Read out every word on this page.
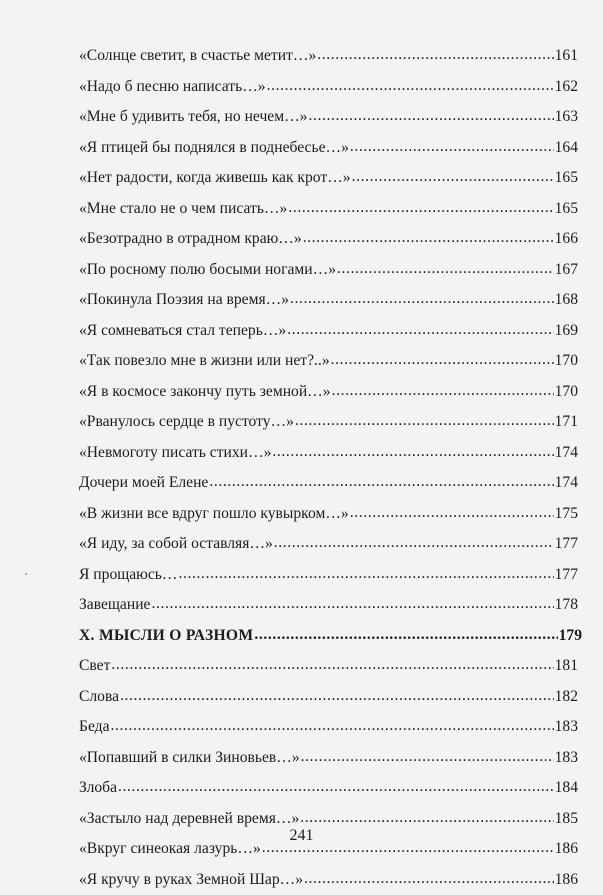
«Солнце светит, в счастье метит…» .....	161
«Надо б песню написать…» .....	162
«Мне б удивить тебя, но нечем…» .....	163
«Я птицей бы поднялся в поднебесье…» .....	164
«Нет радости, когда живешь как крот…» .....	165
«Мне стало не о чем писать…» .....	165
«Безотрадно в отрадном краю…» .....	166
«По росному полю босыми ногами…» .....	167
«Покинула Поэзия на время…» .....	168
«Я сомневаться стал теперь…» .....	169
«Так повезло мне в жизни или нет?..» .....	170
«Я в космосе закончу путь земной…» .....	170
«Рванулось сердце в пустоту…» .....	171
«Невмоготу писать стихи…» .....	174
Дочери моей Елене .....	174
«В жизни все вдруг пошло кувырком…» .....	175
«Я иду, за собой оставляя…» .....	177
Я прощаюсь… .....	177
Завещание .....	178
X. МЫСЛИ О РАЗНОМ .....	179
Свет .....	181
Слова .....	182
Беда .....	183
«Попавший в силки Зиновьев…» .....	183
Злоба .....	184
«Застыло над деревней время…» .....	185
«Вкруг синеокая лазурь…» .....	186
«Я кручу в руках Земной Шар…» .....	186
241
